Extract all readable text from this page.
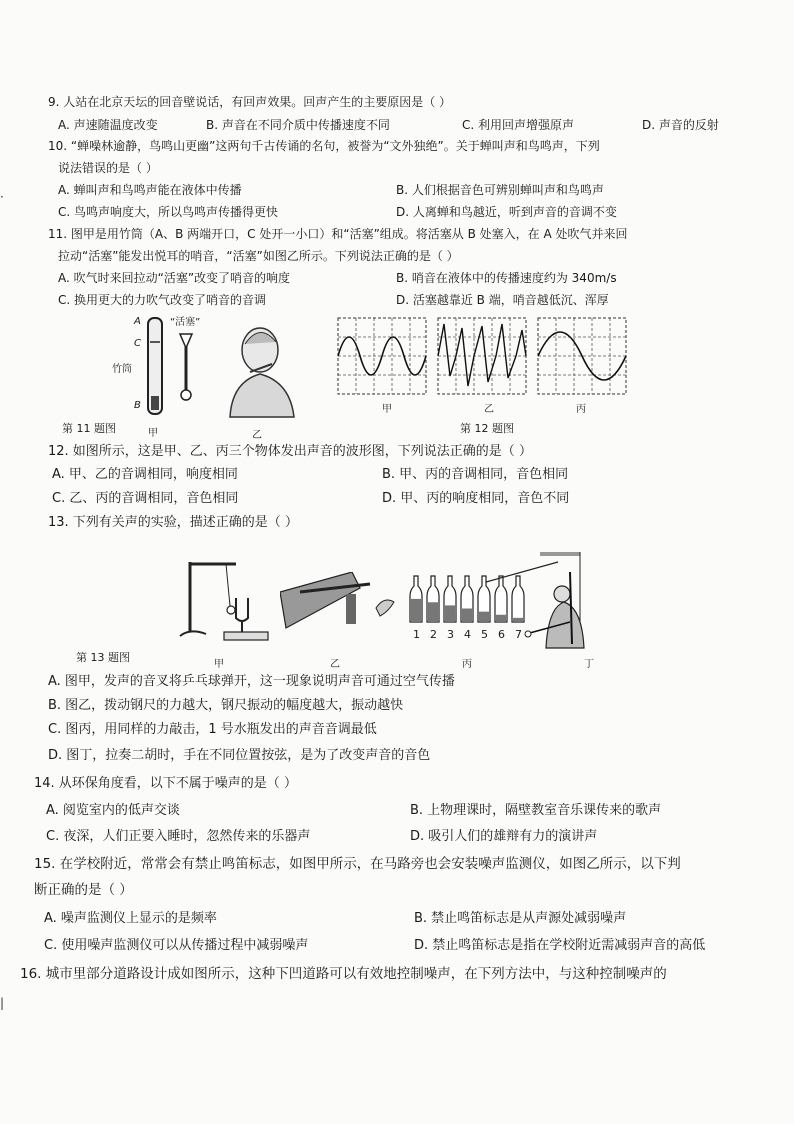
9. 人站在北京天坛的回音壁说话，有回声效果。回声产生的主要原因是（ ）
A. 声速随温度改变	B. 声音在不同介质中传播速度不同	C. 利用回声增强原声	D. 声音的反射
10. “蝉噪林逾静，鸟鸣山更幽”这两句千古传诵的名句，被誉为“文外独绝”。关于蝉叫声和鸟鸣声，下列
说法错误的是（ ）
A. 蝉叫声和鸟鸣声能在液体中传播	B. 人们根据音色可辨别蝉叫声和鸟鸣声
C. 鸟鸣声响度大，所以鸟鸣声传播得更快	D. 人离蝉和鸟越近，听到声音的音调不变
11. 图甲是用竹筒（A、B 两端开口，C 处开一小口）和“活塞”组成。将活塞从 B 处塞入，在 A 处吹气并来回
拉动“活塞”能发出悦耳的哨音，“活塞”如图乙所示。下列说法正确的是（ ）
A. 吹气时来回拉动“活塞”改变了哨音的响度	B. 哨音在液体中的传播速度约为 340m/s
C. 换用更大的力吹气改变了哨音的音调	D. 活塞越靠近 B 端，哨音越低沉、浑厚
A
C
B
竹筒
“活塞”
第 11 题图	甲	乙
甲	乙	丙
第 12 题图
12. 如图所示，这是甲、乙、丙三个物体发出声音的波形图，下列说法正确的是（ ）
A. 甲、乙的音调相同，响度相同	B. 甲、丙的音调相同，音色相同
C. 乙、丙的音调相同，音色相同	D. 甲、丙的响度相同，音色不同
13. 下列有关声的实验，描述正确的是（ ）
1 2 3 4 5 6 7
第 13 题图
甲	乙	丙	丁
A. 图甲，发声的音叉将乒乓球弹开，这一现象说明声音可通过空气传播
B. 图乙，拨动钢尺的力越大，钢尺振动的幅度越大，振动越快
C. 图丙，用同样的力敲击，1 号水瓶发出的声音音调最低
D. 图丁，拉奏二胡时，手在不同位置按弦，是为了改变声音的音色
14. 从环保角度看，以下不属于噪声的是（ ）
A. 阅览室内的低声交谈	B. 上物理课时，隔壁教室音乐课传来的歌声
C. 夜深，人们正要入睡时，忽然传来的乐器声	D. 吸引人们的雄辩有力的演讲声
15. 在学校附近，常常会有禁止鸣笛标志，如图甲所示，在马路旁也会安装噪声监测仪，如图乙所示，以下判
断正确的是（ ）
A. 噪声监测仪上显示的是频率	B. 禁止鸣笛标志是从声源处减弱噪声
C. 使用噪声监测仪可以从传播过程中减弱噪声	D. 禁止鸣笛标志是指在学校附近需减弱声音的高低
16. 城市里部分道路设计成如图所示，这种下凹道路可以有效地控制噪声，在下列方法中，与这种控制噪声的
·
|
